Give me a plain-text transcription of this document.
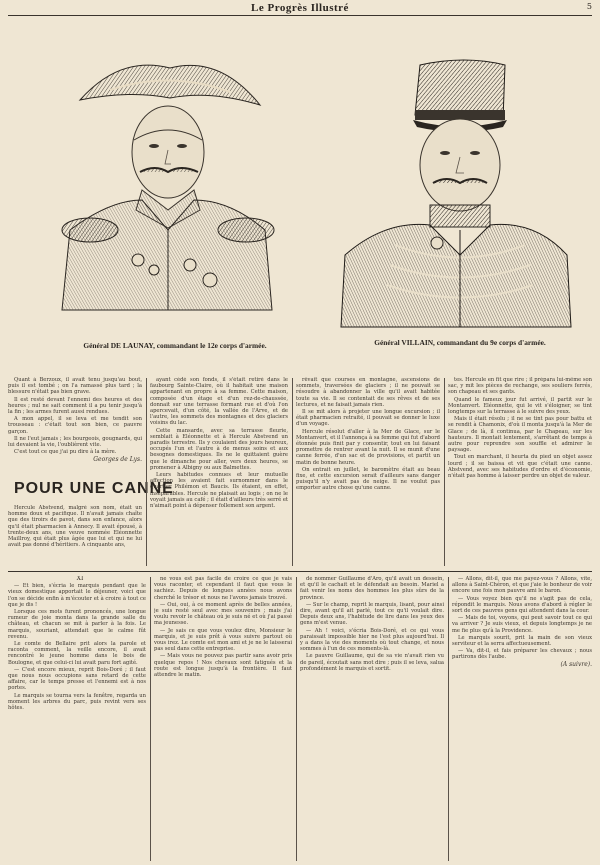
Le Progrès Illustré	5
Général DE LAUNAY, commandant le 12e corps d'armée.	Général VILLAIN, commandant du 9e corps d'armée.

Quant à Berzoux, il avait tenu jusqu'au bout, puis il est tombé ; on l'a ramassé plus tard ; la blessure n'était pas bien grave.

Il est resté devant l'ennemi des heures et des heures ; nul ne sait comment il a pu tenir jusqu'à la fin ; les armes furent aussi rendues.

A mon appel, il se leva et me tendit son trousseau : c'était tout son bien, ce pauvre garçon.

Il ne l'eut jamais ; les bourgeois, gougnards, qui lui devaient la vie, l'oublièrent vite.

C'est tout ce que j'ai pu dire à la mère.

Georges de Lys.
POUR UNE CANNE

Hercule Abstvend, malgré son nom, était un homme doux et pacifique. Il n'avait jamais chaîte que des tiroirs de pavot, dans son enfance, alors qu'il était pharmacien à Annecy. Il avait épousé, à trente-deux ans, une veuve nommée Eléonnette Maillroy, qui était plus âgée que lui et qui ne lui avait pas donné d'héritiers. A cinquante ans,

ayant cédé son fonds, il s'était retiré dans le faubourg Sainte-Claire, où il habitait une maison appartenant en propre à sa femme. Cette maison, composée d'un étage et d'un rez-de-chaussée, donnait sur une terrasse formant rue et d'où l'on apercevait, d'un côté, la vallée de l'Arve, et de l'autre, les sommets des montagnes et des glaciers voisins du lac.

Cette mansarde, avec sa terrasse fleurie, semblait à Eléonnette et à Hercule Abstvend un paradis terrestre. Ils y coulaient des jours heureux, occupés l'un et l'autre à de menus soins et aux besognes domestiques. Ils ne le quittaient guère que le dimanche pour aller, vers deux heures, se promener à Albigny ou aux Balmettes.

Leurs habitudes connues et leur mutuelle affection les avaient fait surnommer dans le quartier Philémon et Baucis. Ils étaient, en effet, inséparables. Hercule ne plaisait au logis ; on ne le voyait jamais au café ; il était d'ailleurs très serré et n'aimait point à dépenser follement son argent.

rêvait que courses en montagne, ascensions de sommets, traversées de glaciers ; il ne pouvait se résoudre à abandonner la ville qu'il avait habitée toute sa vie. Il se contentait de ses rêves et de ses lectures, et ne faisait jamais rien.

Il se mit alors à projeter une longue excursion ; il était pharmacien retraité, il pouvait se donner le luxe d'un voyage.

Hercule résolut d'aller à la Mer de Glace, sur le Montanvert, et il l'annonça à sa femme qui fut d'abord étonnée puis finit par y consentir, tout en lui faisant promettre de rentrer avant la nuit. Il se munit d'une canne ferrée, d'un sac et de provisions, et partit un matin de bonne heure.

On entrait en juillet, le baromètre était au beau fixe, et cette excursion serait d'ailleurs sans danger puisqu'il n'y avait pas de neige. Il ne voulut pas emporter autre chose qu'une canne.

tes. Hercule en fit que rire ; il prépara lui-même son sac, y mit les pièces de rechange, ses souliers ferrés, son chapeau et ses gants.

Quand le fameux jour fut arrivé, il partit sur le Montanvert. Eléonnette, qui le vit s'éloigner, se tint longtemps sur la terrasse à le suivre des yeux.

Mais il était résolu ; il ne se tint pas pour battu et se rendit à Chamonix, d'où il monta jusqu'à la Mer de Glace ; de là, il continua, par le Chapeau, sur les hauteurs. Il montait lentement, s'arrêtant de temps à autre pour reprendre son souffle et admirer le paysage.

Tout en marchant, il heurta du pied un objet assez lourd ; il se baissa et vit que c'était une canne. Abstvend, avec ses habitudes d'ordre et d'économie, n'était pas homme à laisser perdre un objet de valeur.

XI

— Et bien, s'écria le marquis pendant que le vieux domestique apportait le déjeuner, voici que l'on se décide enfin à m'écouter et à croire à tout ce que je dis !

Lorsque ces mots furent prononcés, une longue rumeur de joie monta dans la grande salle du château, et chacun se mit à parler à la fois. Le marquis, souriant, attendait que le calme fût revenu.

Le comte de Bellaire prit alors la parole et raconta comment, la veille encore, il avait rencontré le jeune homme dans le bois de Boulogne, et que celui-ci lui avait paru fort agité.

— C'est encore mieux, reprit Bois-Doré ; il faut que nous nous occupions sans retard de cette affaire, car le temps presse et l'ennemi est à nos portes.

Le marquis se tourna vers la fenêtre, regarda un moment les arbres du parc, puis revint vers ses hôtes.

ne vous est pas facile de croire ce que je vais vous raconter, et cependant il faut que vous le sachiez. Depuis de longues années nous avons cherché le trésor et nous ne l'avons jamais trouvé.

— Oui, oui, à ce moment après de belles années, je suis resté seul avec mes souvenirs ; mais j'ai voulu revoir le château où je suis né et où j'ai passé ma jeunesse.

— Je sais ce que vous voulez dire, Monsieur le marquis, et je suis prêt à vous suivre partout où vous irez. Le comte est mon ami et je ne le laisserai pas seul dans cette entreprise.

— Mais vous ne pouvez pas partir sans avoir pris quelque repos ! Nos chevaux sont fatigués et la route est longue jusqu'à la frontière. Il faut attendre le matin.

de nommer Guillaume d'Aro, qu'il avait un dessein, et qu'il le cachait et le défendait au besoin. Mariel a fait venir les noms des hommes les plus sûrs de la province.

— Sur le champ, reprit le marquis, lisant, pour ainsi dire, avant qu'il ait parlé, tout ce qu'il voulait dire. Depuis deux ans, l'habitude de lire dans les yeux des gens m'est venue.

— Ah ! voici, s'écria Bois-Doré, et ce qui vous paraissait impossible hier ne l'est plus aujourd'hui. Il y a dans la vie des moments où tout change, et nous sommes à l'un de ces moments-là.

Le pauvre Guillaume, qui de sa vie n'avait rien vu de pareil, écoutait sans mot dire ; puis il se leva, salua profondément le marquis et sortit.

— Allons, dit-il, que me payez-vous ? Allons, vite, allons à Saint-Chéron, et que j'aie le bonheur de voir encore une fois mon pauvre ami le baron.

— Vous voyez bien qu'il ne s'agit pas de cela, répondit le marquis. Nous avons d'abord à régler le sort de ces pauvres gens qui attendent dans la cour.

— Mais de toi, voyons, qui peut savoir tout ce qui va arriver ? Je suis vieux, et depuis longtemps je ne me fie plus qu'à la Providence.

Le marquis sourit, prit la main de son vieux serviteur et la serra affectueusement.

— Va, dit-il, et fais préparer les chevaux ; nous partirons dès l'aube.

(A suivre).
